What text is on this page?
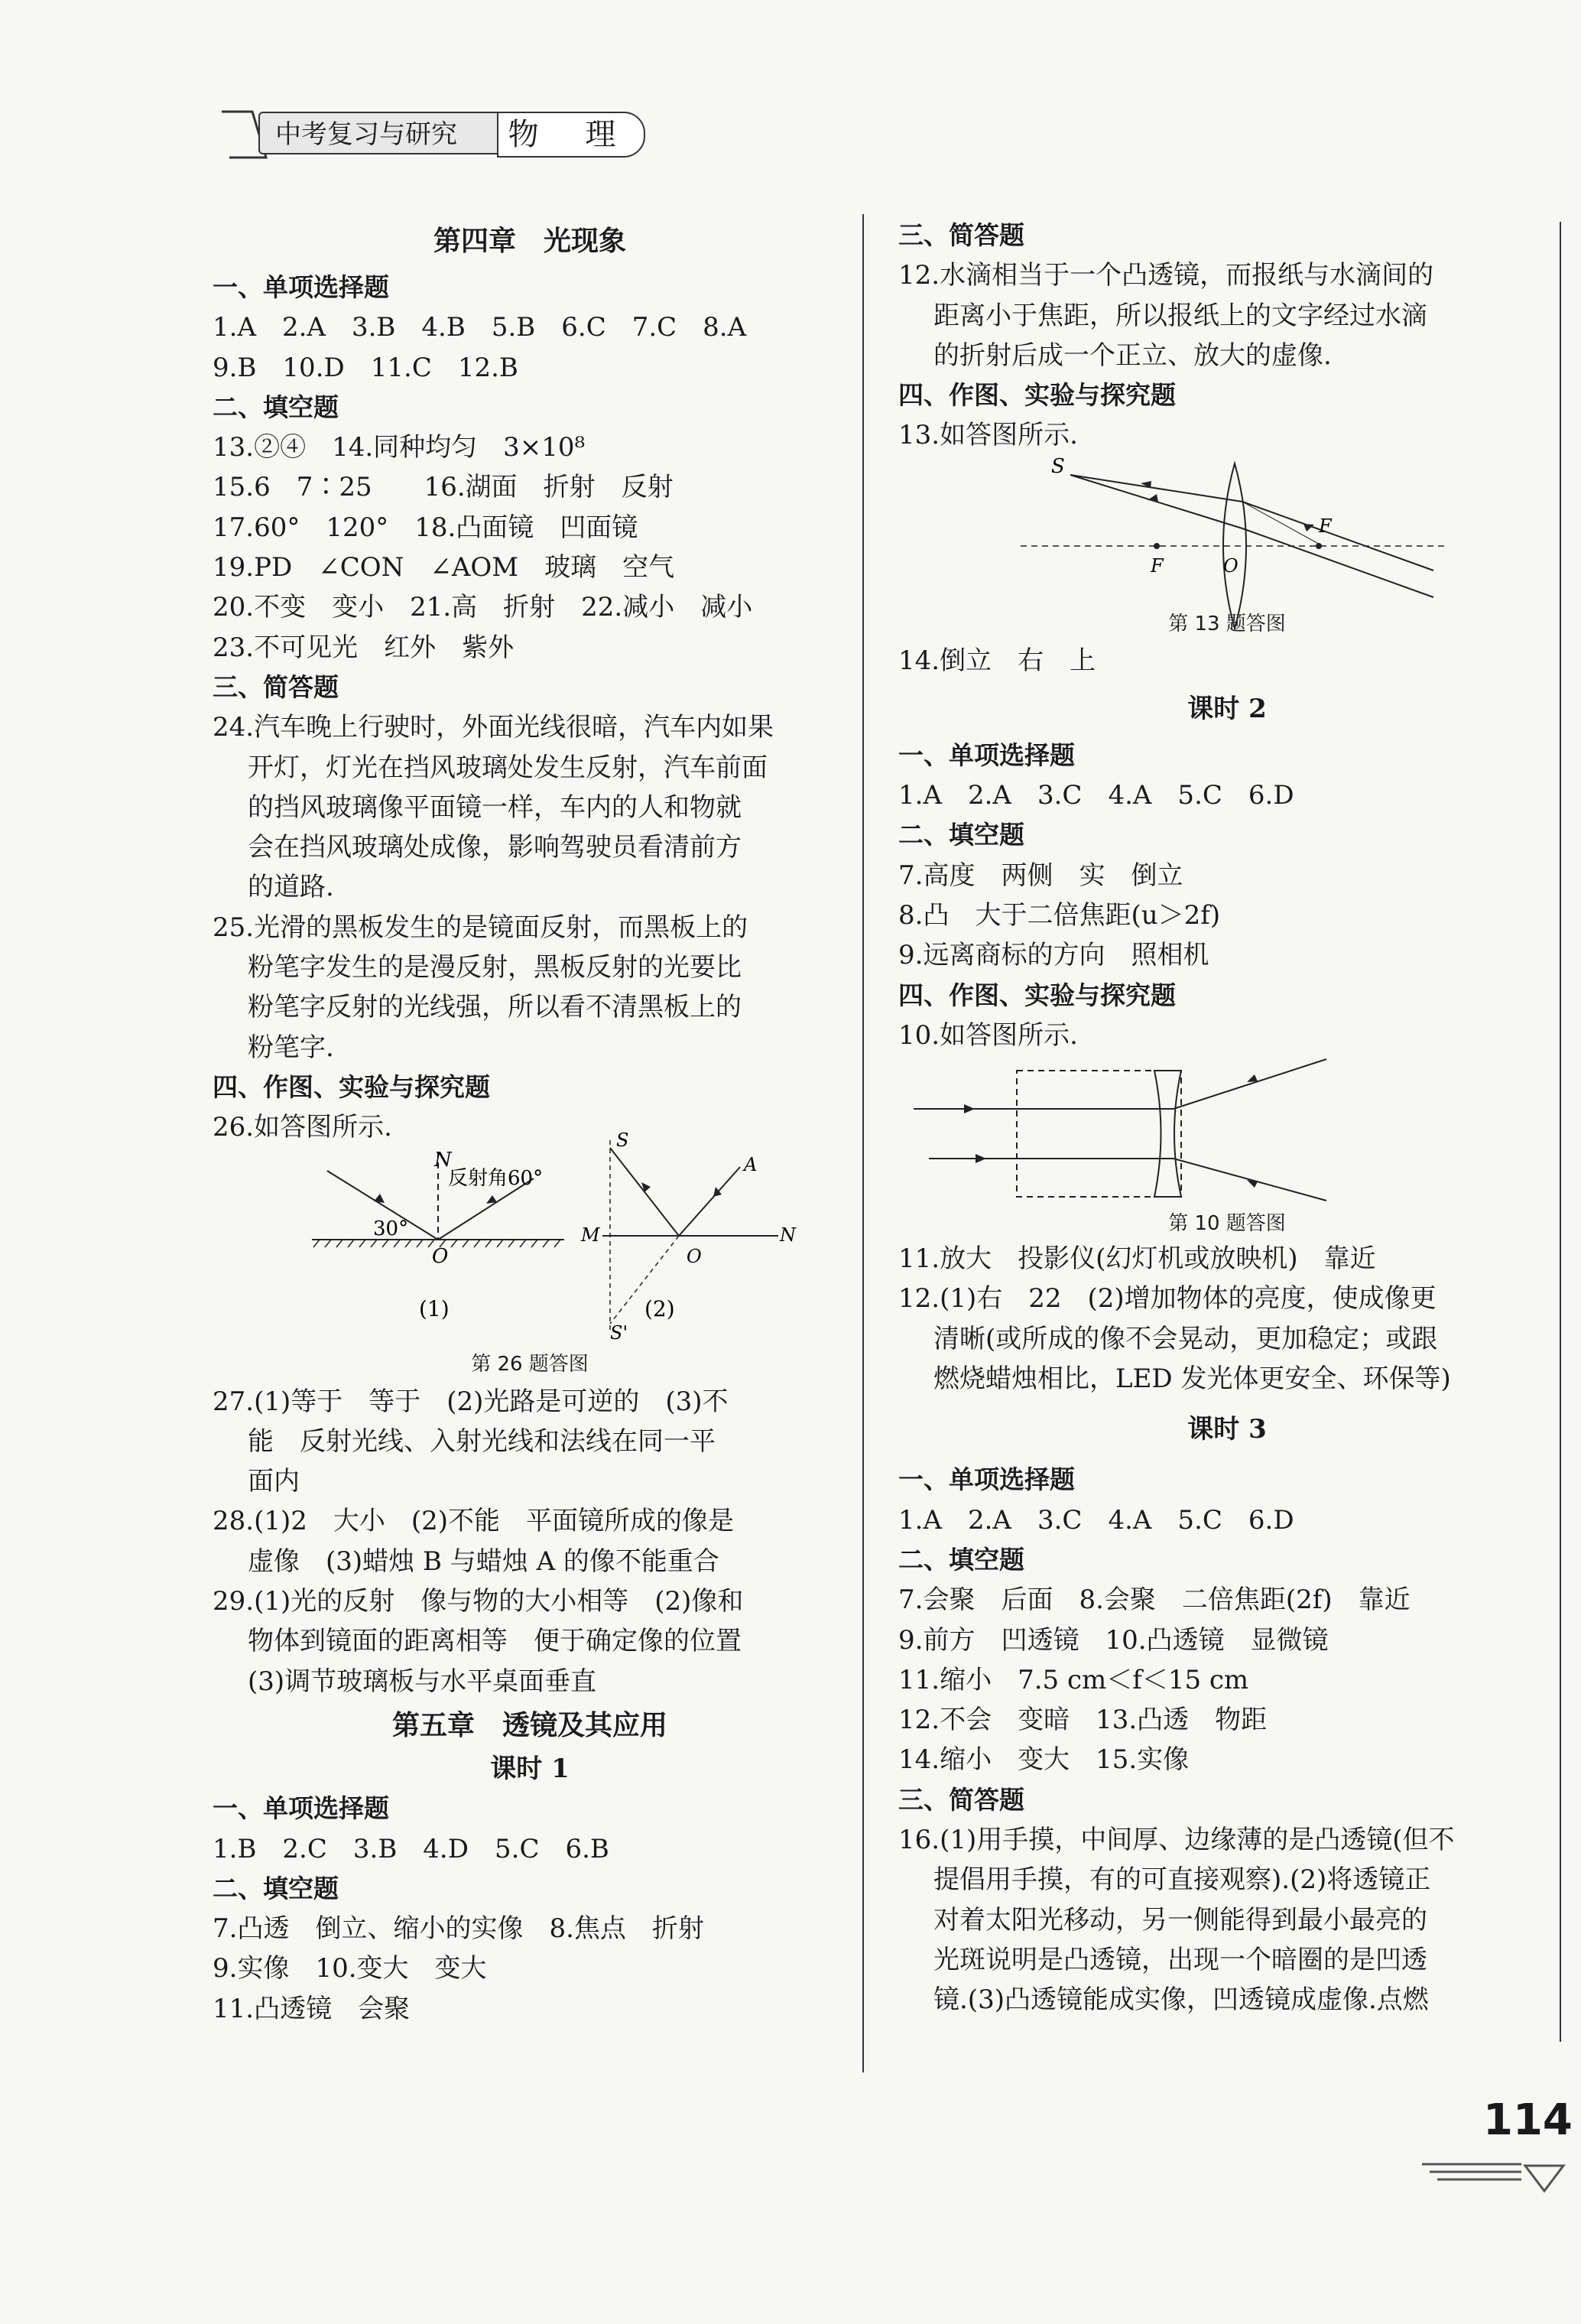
中考复习与研究	物 理
第四章　光现象
一、单项选择题
1.A　2.A　3.B　4.B　5.B　6.C　7.C　8.A
9.B　10.D　11.C　12.B
二、填空题
13.②④　14.同种均匀　3×10⁸
15.6　7∶25　　16.湖面　折射　反射
17.60°　120°　18.凸面镜　凹面镜
19.PD　∠CON　∠AOM　玻璃　空气
20.不变　变小　21.高　折射　22.减小　减小
23.不可见光　红外　紫外
三、简答题
24.汽车晚上行驶时，外面光线很暗，汽车内如果
开灯，灯光在挡风玻璃处发生反射，汽车前面
的挡风玻璃像平面镜一样，车内的人和物就
会在挡风玻璃处成像，影响驾驶员看清前方
的道路.
25.光滑的黑板发生的是镜面反射，而黑板上的
粉笔字发生的是漫反射，黑板反射的光要比
粉笔字反射的光线强，所以看不清黑板上的
粉笔字.
四、作图、实验与探究题
26.如答图所示.
N
反射角60°
30°
O
(1)
S
A
M	N
O
S'
(2)
第 26 题答图
27.(1)等于　等于　(2)光路是可逆的　(3)不
能　反射光线、入射光线和法线在同一平
面内
28.(1)2　大小　(2)不能　平面镜所成的像是
虚像　(3)蜡烛 B 与蜡烛 A 的像不能重合
29.(1)光的反射　像与物的大小相等　(2)像和
物体到镜面的距离相等　便于确定像的位置
(3)调节玻璃板与水平桌面垂直
第五章　透镜及其应用
课时 1
一、单项选择题
1.B　2.C　3.B　4.D　5.C　6.B
二、填空题
7.凸透　倒立、缩小的实像　8.焦点　折射
9.实像　10.变大　变大
11.凸透镜　会聚
三、简答题
12.水滴相当于一个凸透镜，而报纸与水滴间的
距离小于焦距，所以报纸上的文字经过水滴
的折射后成一个正立、放大的虚像.
四、作图、实验与探究题
13.如答图所示.
S
F	O
F
第 13 题答图
14.倒立　右　上
课时 2
一、单项选择题
1.A　2.A　3.C　4.A　5.C　6.D
二、填空题
7.高度　两侧　实　倒立
8.凸　大于二倍焦距(u＞2f)
9.远离商标的方向　照相机
四、作图、实验与探究题
10.如答图所示.
第 10 题答图
11.放大　投影仪(幻灯机或放映机)　靠近
12.(1)右　22　(2)增加物体的亮度，使成像更
清晰(或所成的像不会晃动，更加稳定；或跟
燃烧蜡烛相比，LED 发光体更安全、环保等)
课时 3
一、单项选择题
1.A　2.A　3.C　4.A　5.C　6.D
二、填空题
7.会聚　后面　8.会聚　二倍焦距(2f)　靠近
9.前方　凹透镜　10.凸透镜　显微镜
11.缩小　7.5 cm＜f＜15 cm
12.不会　变暗　13.凸透　物距
14.缩小　变大　15.实像
三、简答题
16.(1)用手摸，中间厚、边缘薄的是凸透镜(但不
提倡用手摸，有的可直接观察).(2)将透镜正
对着太阳光移动，另一侧能得到最小最亮的
光斑说明是凸透镜，出现一个暗圈的是凹透
镜.(3)凸透镜能成实像，凹透镜成虚像.点燃
114
